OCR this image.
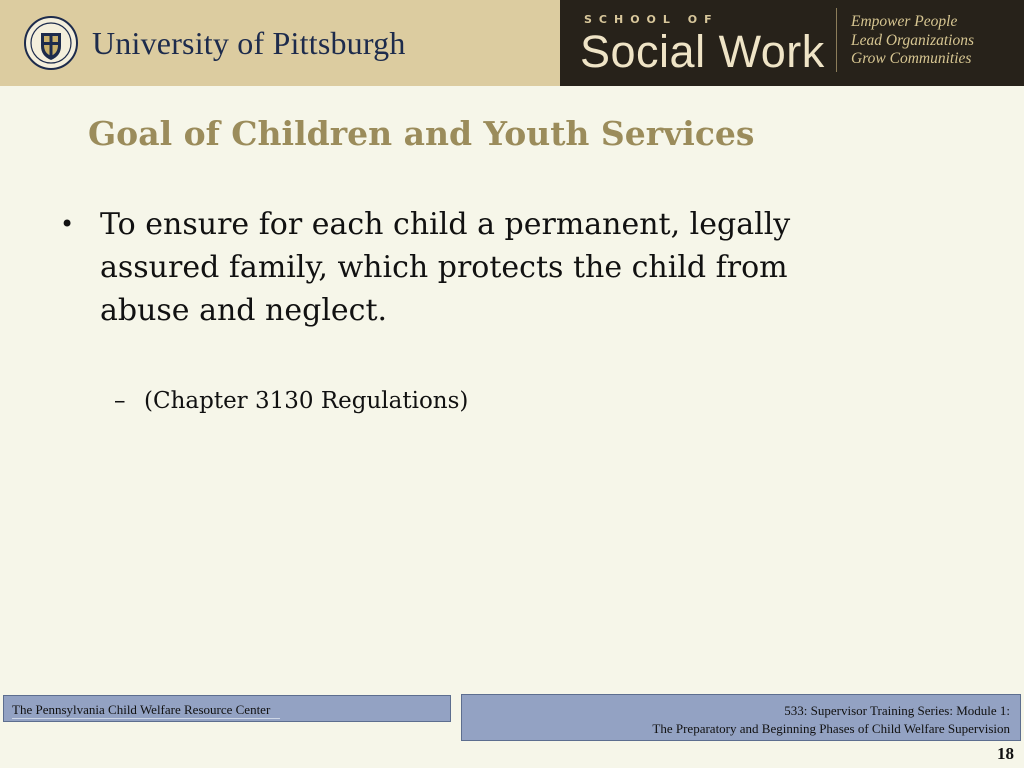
University of Pittsburgh
SCHOOL OF
Social Work
Empower People
Lead Organizations
Grow Communities
Goal of Children and Youth Services
• To ensure for each child a permanent, legally assured family, which protects the child from abuse and neglect.
– (Chapter 3130 Regulations)
The Pennsylvania Child Welfare Resource Center	533: Supervisor Training Series: Module 1:
The Preparatory and Beginning Phases of Child Welfare Supervision
18
